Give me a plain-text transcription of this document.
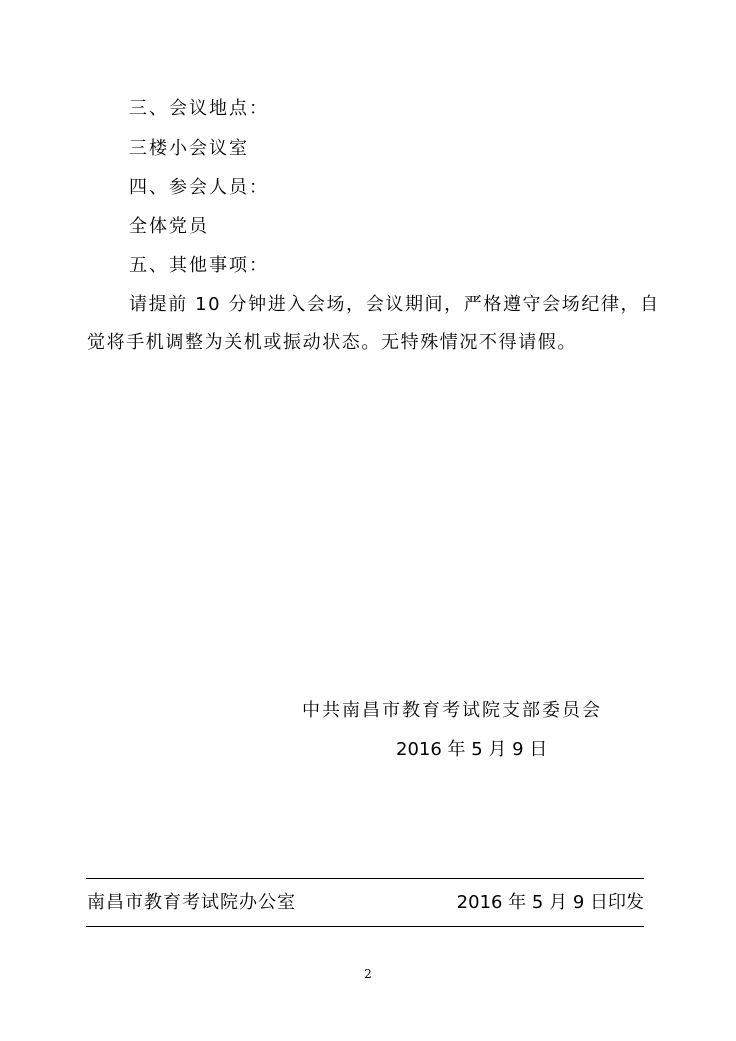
三、会议地点：
三楼小会议室
四、参会人员：
全体党员
五、其他事项：
请提前 10 分钟进入会场，会议期间，严格遵守会场纪律，自
觉将手机调整为关机或振动状态。无特殊情况不得请假。
中共南昌市教育考试院支部委员会
2016 年 5 月 9 日
南昌市教育考试院办公室	2016 年 5 月 9 日印发
2
